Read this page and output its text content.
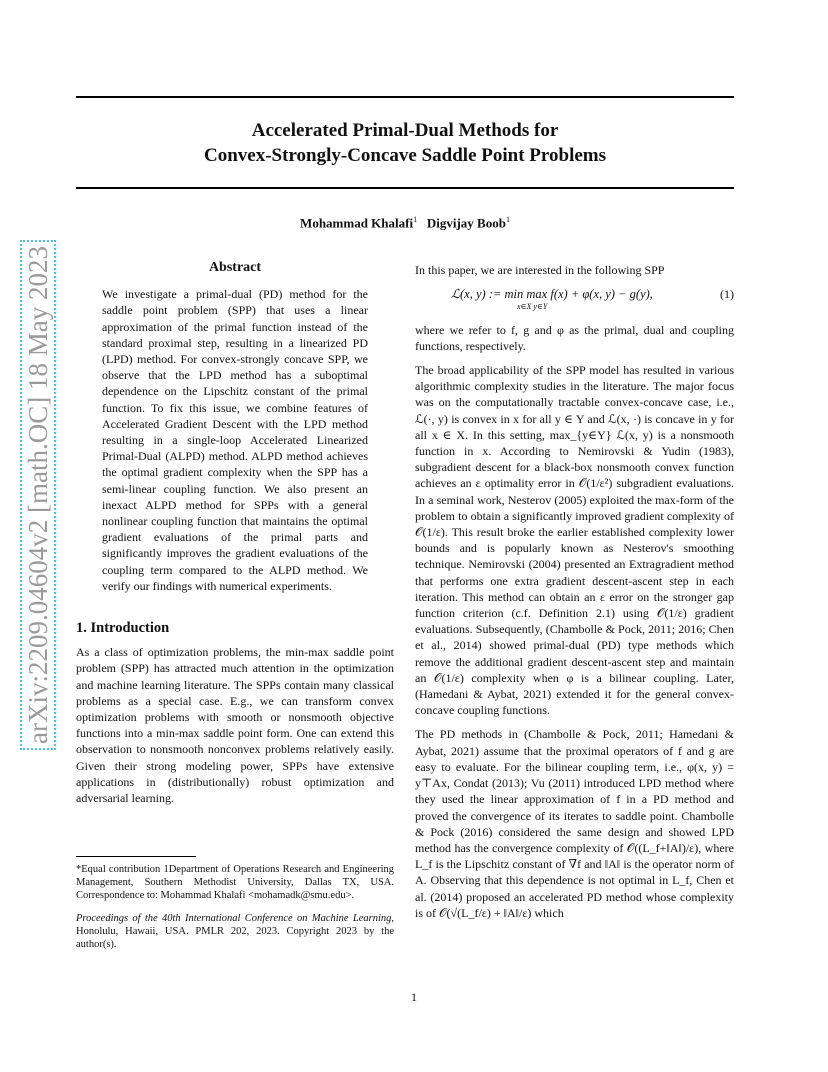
Accelerated Primal-Dual Methods for
Convex-Strongly-Concave Saddle Point Problems
Mohammad Khalafi$^1$ Digvijay Boob$^1$
arXiv:2209.04604v2 [math.OC] 18 May 2023	Abstract

We investigate a primal-dual (PD) method for the saddle point problem (SPP) that uses a linear approximation of the primal function instead of the standard proximal step, resulting in a linearized PD (LPD) method. For convex-strongly concave SPP, we observe that the LPD method has a suboptimal dependence on the Lipschitz constant of the primal function. To fix this issue, we combine features of Accelerated Gradient Descent with the LPD method resulting in a single-loop Accelerated Linearized Primal-Dual (ALPD) method. ALPD method achieves the optimal gradient complexity when the SPP has a semi-linear coupling function. We also present an inexact ALPD method for SPPs with a general nonlinear coupling function that maintains the optimal gradient evaluations of the primal parts and significantly improves the gradient evaluations of the coupling term compared to the ALPD method. We verify our findings with numerical experiments.

1. Introduction

As a class of optimization problems, the min-max saddle point problem (SPP) has attracted much attention in the optimization and machine learning literature. The SPPs contain many classical problems as a special case. E.g., we can transform convex optimization problems with smooth or nonsmooth objective functions into a min-max saddle point form. One can extend this observation to nonsmooth nonconvex problems relatively easily. Given their strong modeling power, SPPs have extensive applications in (distributionally) robust optimization and adversarial learning.

*Equal contribution 1Department of Operations Research and Engineering Management, Southern Methodist University, Dallas TX, USA. Correspondence to: Mohammad Khalafi <mohamadk@smu.edu>.

Proceedings of the 40th International Conference on Machine Learning, Honolulu, Hawaii, USA. PMLR 202, 2023. Copyright 2023 by the author(s).

In this paper, we are interested in the following SPP

ℒ(x, y) := min max f(x) + φ(x, y) − g(y),
x∈X y∈Y
(1)

where we refer to f, g and φ as the primal, dual and coupling functions, respectively.

The broad applicability of the SPP model has resulted in various algorithmic complexity studies in the literature. The major focus was on the computationally tractable convex-concave case, i.e., ℒ(·, y) is convex in x for all y ∈ Y and ℒ(x, ·) is concave in y for all x ∈ X. In this setting, max_{y∈Y} ℒ(x, y) is a nonsmooth function in x. According to Nemirovski & Yudin (1983), subgradient descent for a black-box nonsmooth convex function achieves an ε optimality error in 𝒪(1/ε²) subgradient evaluations. In a seminal work, Nesterov (2005) exploited the max-form of the problem to obtain a significantly improved gradient complexity of 𝒪(1/ε). This result broke the earlier established complexity lower bounds and is popularly known as Nesterov's smoothing technique. Nemirovski (2004) presented an Extragradient method that performs one extra gradient descent-ascent step in each iteration. This method can obtain an ε error on the stronger gap function criterion (c.f. Definition 2.1) using 𝒪(1/ε) gradient evaluations. Subsequently, (Chambolle & Pock, 2011; 2016; Chen et al., 2014) showed primal-dual (PD) type methods which remove the additional gradient descent-ascent step and maintain an 𝒪(1/ε) complexity when φ is a bilinear coupling. Later, (Hamedani & Aybat, 2021) extended it for the general convex-concave coupling functions.

The PD methods in (Chambolle & Pock, 2011; Hamedani & Aybat, 2021) assume that the proximal operators of f and g are easy to evaluate. For the bilinear coupling term, i.e., φ(x, y) = y⊤Ax, Condat (2013); Vu (2011) introduced LPD method where they used the linear approximation of f in a PD method and proved the convergence of its iterates to saddle point. Chambolle & Pock (2016) considered the same design and showed LPD method has the convergence complexity of 𝒪((L_f+‖A‖)/ε), where L_f is the Lipschitz constant of ∇f and ‖A‖ is the operator norm of A. Observing that this dependence is not optimal in L_f, Chen et al. (2014) proposed an accelerated PD method whose complexity is of 𝒪(√(L_f/ε) + ‖A‖/ε) which

1
